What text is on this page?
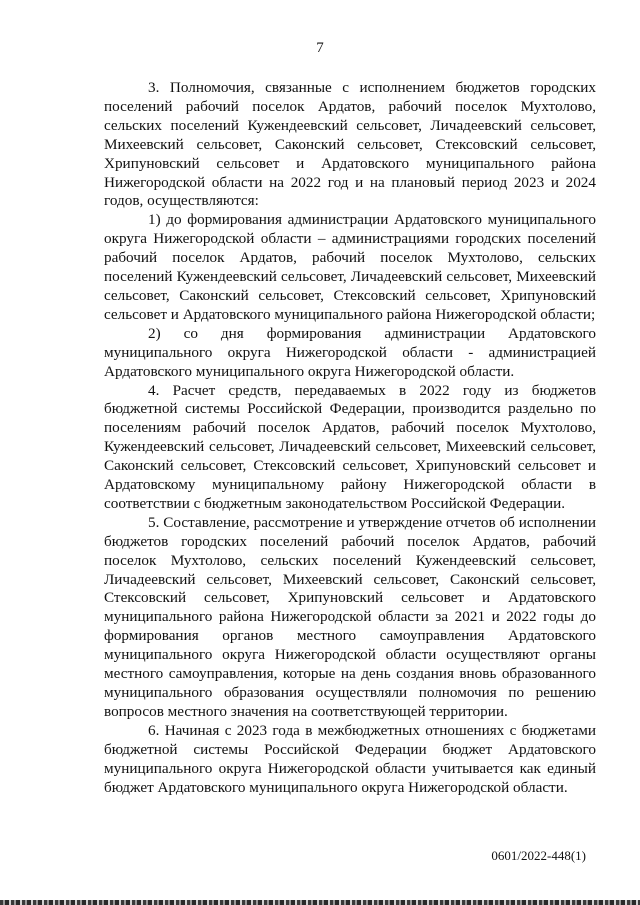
7

3. Полномочия, связанные с исполнением бюджетов городских поселений рабочий поселок Ардатов, рабочий поселок Мухтолово, сельских поселений Кужендеевский сельсовет, Личадеевский сельсовет, Михеевский сельсовет, Саконский сельсовет, Стексовский сельсовет, Хрипуновский сельсовет и Ардатовского муниципального района Нижегородской области на 2022 год и на плановый период 2023 и 2024 годов, осуществляются:

1) до формирования администрации Ардатовского муниципального округа Нижегородской области – администрациями городских поселений рабочий поселок Ардатов, рабочий поселок Мухтолово, сельских поселений Кужендеевский сельсовет, Личадеевский сельсовет, Михеевский сельсовет, Саконский сельсовет, Стексовский сельсовет, Хрипуновский сельсовет и Ардатовского муниципального района Нижегородской области;

2) со дня формирования администрации Ардатовского муниципального округа Нижегородской области - администрацией Ардатовского муниципального округа Нижегородской области.

4. Расчет средств, передаваемых в 2022 году из бюджетов бюджетной системы Российской Федерации, производится раздельно по поселениям рабочий поселок Ардатов, рабочий поселок Мухтолово, Кужендеевский сельсовет, Личадеевский сельсовет, Михеевский сельсовет, Саконский сельсовет, Стексовский сельсовет, Хрипуновский сельсовет и Ардатовскому муниципальному району Нижегородской области в соответствии с бюджетным законодательством Российской Федерации.

5. Составление, рассмотрение и утверждение отчетов об исполнении бюджетов городских поселений рабочий поселок Ардатов, рабочий поселок Мухтолово, сельских поселений Кужендеевский сельсовет, Личадеевский сельсовет, Михеевский сельсовет, Саконский сельсовет, Стексовский сельсовет, Хрипуновский сельсовет и Ардатовского муниципального района Нижегородской области за 2021 и 2022 годы до формирования органов местного самоуправления Ардатовского муниципального округа Нижегородской области осуществляют органы местного самоуправления, которые на день создания вновь образованного муниципального образования осуществляли полномочия по решению вопросов местного значения на соответствующей территории.

6. Начиная с 2023 года в межбюджетных отношениях с бюджетами бюджетной системы Российской Федерации бюджет Ардатовского муниципального округа Нижегородской области учитывается как единый бюджет Ардатовского муниципального округа Нижегородской области.

0601/2022-448(1)
